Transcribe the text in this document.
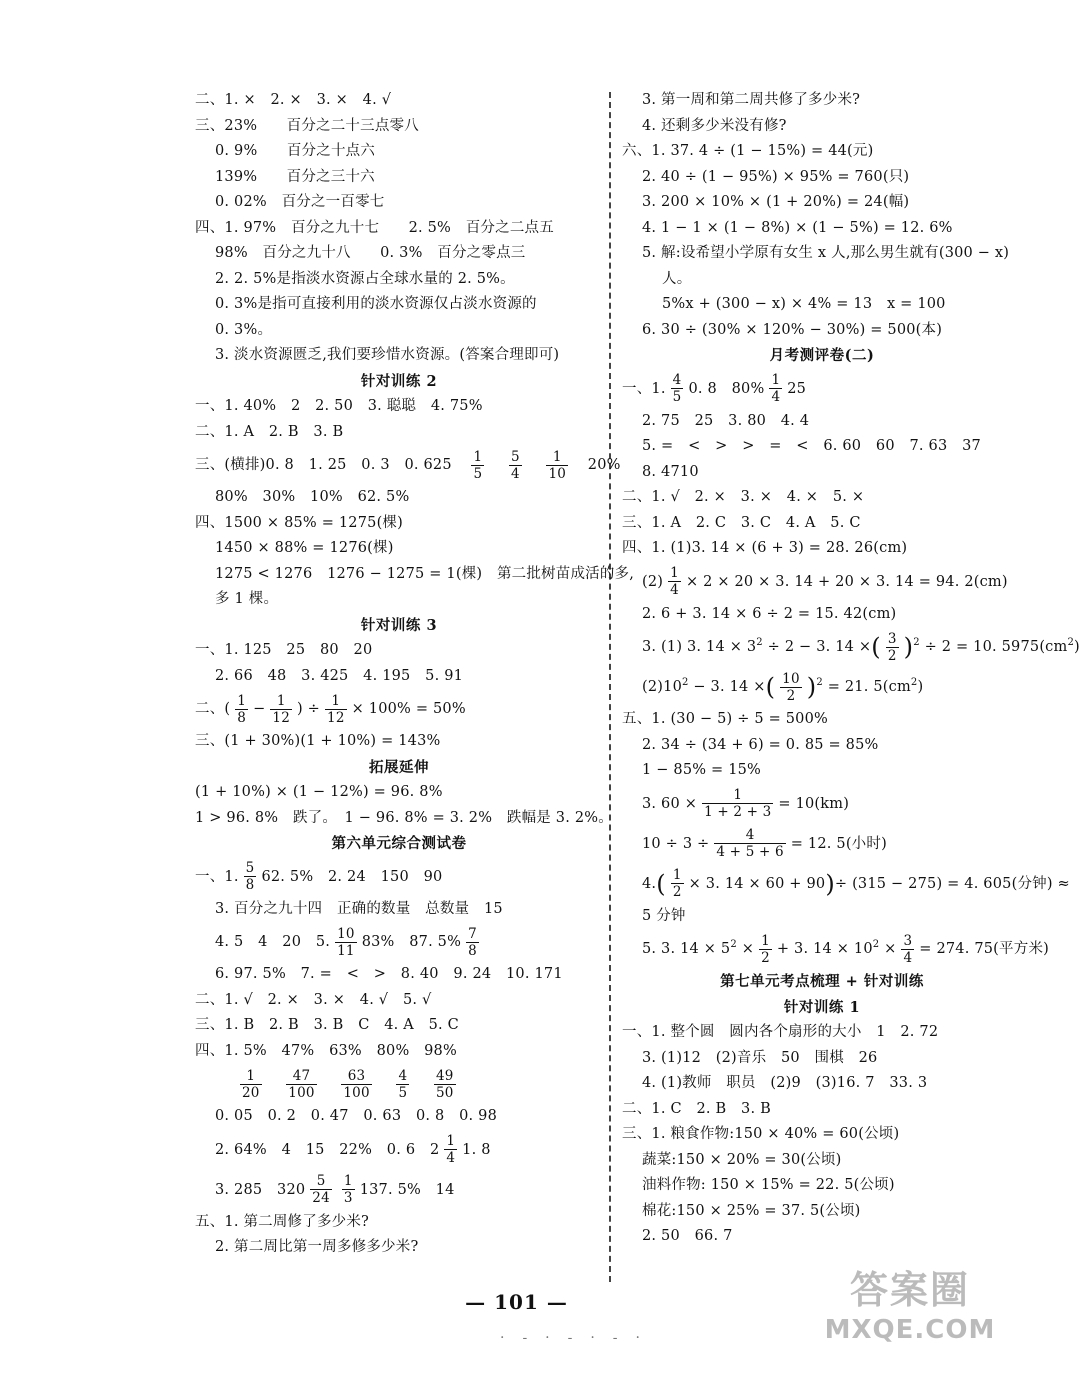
二、1. ×　2. ×　3. ×　4. √
三、23%　　百分之二十三点零八
0. 9%　　百分之十点六
139%　　百分之三十六
0. 02%　百分之一百零七
四、1. 97%　百分之九十七　　2. 5%　百分之二点五
98%　百分之九十八　　0. 3%　百分之零点三
2. 2. 5%是指淡水资源占全球水量的 2. 5%。
0. 3%是指可直接利用的淡水资源仅占淡水资源的
0. 3%。
3. 淡水资源匮乏,我们要珍惜水资源。(答案合理即可)
针对训练 2
一、1. 40%　2　2. 50　3. 聪聪　4. 75%
二、1. A　2. B　3. B
三、(横排)0. 8　1. 25　0. 3　0. 625　 $\frac{1}{5}$
　 $\frac{5}{4}$
　 $\frac{1}{10}$
　 20%
80%　30%　10%　62. 5%
四、1500 × 85% = 1275(棵)
1450 × 88% = 1276(棵)
1275 < 1276　1276 − 1275 = 1(棵)　第二批树苗成活的多,
多 1 棵。
针对训练 3
一、1. 125　25　80　20
2. 66　48　3. 425　4. 195　5. 91
二、( $\frac{1}{8} - \frac{1}{12}$ ) ÷ $\frac{1}{12} \times 100\% = 50\%$
三、(1 + 30%)(1 + 10%) = 143%
拓展延伸
(1 + 10%) × (1 − 12%) = 96. 8%
1 > 96. 8%　跌了。　1 − 96. 8% = 3. 2%　跌幅是 3. 2%。
第六单元综合测试卷
一、1. $\frac{5}{8} 62$. 5%　2. 24　150　90
3. 百分之九十四　正确的数量　总数量　15
4. 5　4　20　5. $\frac{10}{11} 83\%$　87. $5\% \frac{7}{8}$
6. 97. 5%　7. =　<　>　8. 40　9. 24　10. 171
二、1. √　2. ×　3. ×　4. √　5. √
三、1. B　2. B　3. B　C　4. A　5. C
四、1. 5%　47%　63%　80%　98%
$\frac{1}{20}$
　 $\frac{47}{100}$
　 $\frac{63}{100}$
　 $\frac{4}{5}$
　 $\frac{49}{50}$

0. 05　0. 2　0. 47　0. 63　0. 8　0. 98
2. 64%　4　15　22%　0. 6　$2 \frac{1}{4} 1$. 8
3. 285　$320 \frac{5}{24} \frac{1}{3} 137$. 5%　14
五、1. 第二周修了多少米?
2. 第二周比第一周多修多少米?
3. 第一周和第二周共修了多少米?
4. 还剩多少米没有修?
六、1. 37. 4 ÷ (1 − 15%) = 44(元)
2. 40 ÷ (1 − 95%) × 95% = 760(只)
3. 200 × 10% × (1 + 20%) = 24(幅)
4. 1 − 1 × (1 − 8%) × (1 − 5%) = 12. 6%
5. 解:设希望小学原有女生 x 人,那么男生就有(300 − x)
人。
5%x + (300 − x) × 4% = 13　x = 100
6. 30 ÷ (30% × 120% − 30%) = 500(本)
月考测评卷(二)
一、1. $\frac{4}{5} 0$. 8　$80\% \frac{1}{4} 25$
2. 75　25　3. 80　4. 4
5. =　<　>　>　=　<　6. 60　60　7. 63　37
8. 4710
二、1. √　2. ×　3. ×　4. ×　5. ×
三、1. A　2. C　3. C　4. A　5. C
四、1. (1)3. 14 × (6 + 3) = 28. 26(cm)
$(2) \frac{1}{4} \times 2 \times 20 \times 3$. 14 + 20 × 3. 14 = 94. 2(cm)
2. 6 + 3. 14 × 6 ÷ 2 = 15. 42(cm)
3. (1) 3. $14 \times 3^2 \div 2 - 3$. 14 ×( $\frac{3}{2} )^2 \div 2 = 10$. $5975(cm^2)$
$(2)10^2 - 3$. 14 ×( $\frac{10}{2} )^2 = 21$. $5(cm^2)$
五、1. (30 − 5) ÷ 5 = 500%
2. 34 ÷ (34 + 6) = 0. 85 = 85%
1 − 85% = 15%
3. $60 \times \frac{1}{1 + 2 + 3} = 10(km)$
$10 \div 3 \div \frac{4}{4 + 5 + 6} = 12$. 5(小时)
$4.( \frac{1}{2} \times 3$. 14 × 60 + 90)÷ (315 − 275) = 4. 605(分钟) ≈
5 分钟
5. 3. $14 \times 5^2 \times \frac{1}{2} + 3$. $14 \times 10^2 \times \frac{3}{4} = 274$. 75(平方米)
第七单元考点梳理 + 针对训练
针对训练 1
一、1. 整个圆　圆内各个扇形的大小　1　2. 72
3. (1)12　(2)音乐　50　围棋　26
4. (1)教师　职员　(2)9　(3)16. 7　33. 3
二、1. C　2. B　3. B
三、1. 粮食作物:150 × 40% = 60(公顷)
蔬菜:150 × 20% = 30(公顷)
油料作物: 150 × 15% = 22. 5(公顷)
棉花:150 × 25% = 37. 5(公顷)
2. 50　66. 7
— 101 —
·‐·‐·‐·
答案圈
MXQE.COM
